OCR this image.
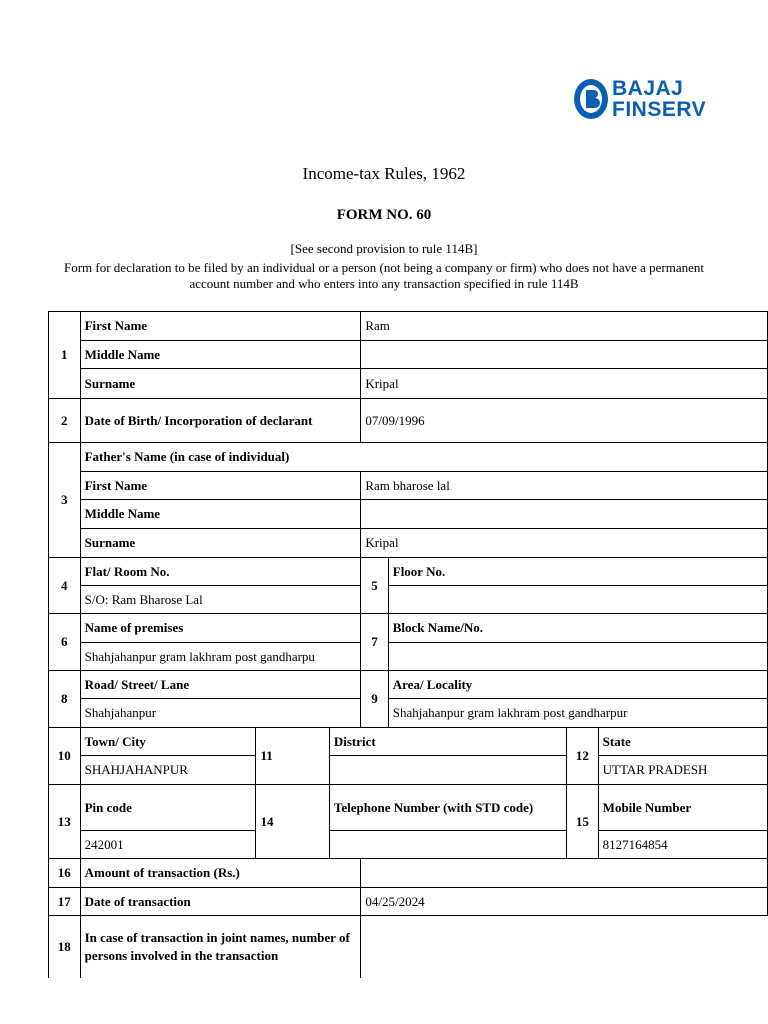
BAJAJ
FINSERV
Income-tax Rules, 1962
FORM NO. 60
[See second provision to rule 114B]
Form for declaration to be filed by an individual or a person (not being a company or firm) who does not have a permanent account number and who enters into any transaction specified in rule 114B
1	First Name			Ram			
	Middle Name						
	Surname			Kripal			
2	Date of Birth/ Incorporation of declarant			07/09/1996			
3	Father's Name (in case of individual)						
	First Name			Ram bharose lal			
	Middle Name						
	Surname			Kripal			
4	Flat/ Room No.			5	Floor No.		
	S/O: Ram Bharose Lal						
6	Name of premises			7	Block Name/No.		
	Shahjahanpur gram lakhram post gandharpu						
8	Road/ Street/ Lane			9	Area/ Locality		
	Shahjahanpur				Shahjahanpur gram lakhram post gandharpur		
10	Town/ City	11	District			12	State
	SHAHJAHANPUR						UTTAR PRADESH
13	Pin code	14	Telephone Number (with STD code)			15	Mobile Number
	242001						8127164854
16	Amount of transaction (Rs.)						
17	Date of transaction			04/25/2024			
18	In case of transaction in joint names, number of persons involved in the transaction						
